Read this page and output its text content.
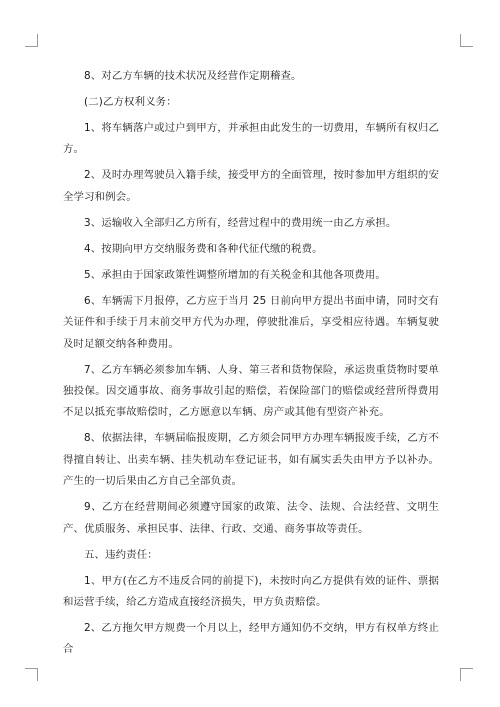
8、对乙方车辆的技术状况及经营作定期稽查。

(二)乙方权利义务：

1、将车辆落户或过户到甲方，并承担由此发生的一切费用，车辆所有权归乙方。

2、及时办理驾驶员入籍手续，接受甲方的全面管理，按时参加甲方组织的安全学习和例会。

3、运输收入全部归乙方所有，经营过程中的费用统一由乙方承担。

4、按期向甲方交纳服务费和各种代征代缴的税费。

5、承担由于国家政策性调整所增加的有关税金和其他各项费用。

6、车辆需下月报停，乙方应于当月 25 日前向甲方提出书面申请，同时交有关证件和手续于月末前交甲方代为办理，停驶批准后，享受相应待遇。车辆复驶及时足额交纳各种费用。

7、乙方车辆必须参加车辆、人身、第三者和货物保险，承运贵重货物时要单独投保。因交通事故、商务事故引起的赔偿，若保险部门的赔偿或经营所得费用不足以抵充事故赔偿时，乙方愿意以车辆、房产或其他有型资产补充。

8、依据法律，车辆届临报废期，乙方须会同甲方办理车辆报废手续，乙方不得擅自转让、出卖车辆、挂失机动车登记证书，如有属实丢失由甲方予以补办。产生的一切后果由乙方自己全部负责。

9、乙方在经营期间必须遵守国家的政策、法令、法规、合法经营、文明生产、优质服务、承担民事、法律、行政、交通、商务事故等责任。

五、违约责任：

1、甲方(在乙方不违反合同的前提下)，未按时向乙方提供有效的证件、票据和运营手续，给乙方造成直接经济损失，甲方负责赔偿。

2、乙方拖欠甲方规费一个月以上，经甲方通知仍不交纳，甲方有权单方终止合
